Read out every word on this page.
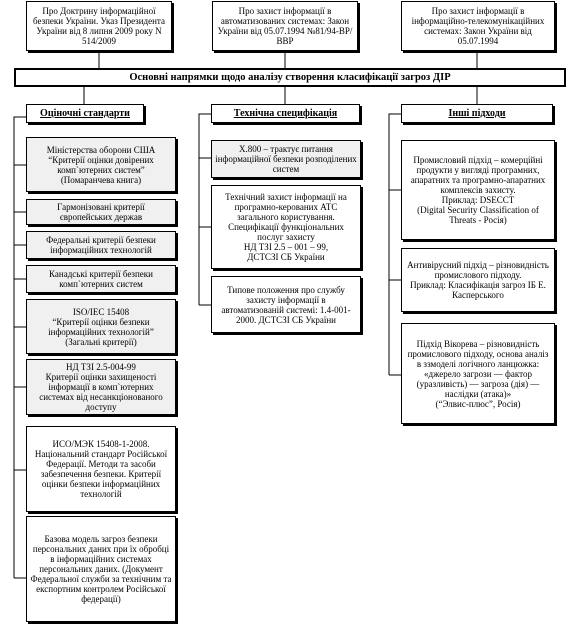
Про Доктрину інформаційної безпеки України. Указ Президента України від 8 липня 2009 року N 514/2009
Про захист інформації в автоматизованих системах: Закон України від 05.07.1994 №81/94-ВР/ВВР
Про захист інформації в інформаційно-телекомунікаційних системах: Закон України від 05.07.1994
Основні напрямки щодо аналізу створення класифікації загроз ДІР
Оціночні стандарти	Технічна специфікація	Інші підходи
Міністерства оборони США
“Критерії оцінки довірених комп`ютерних систем”
(Помаранчева книга)
Гармонізовані критерії європейських держав
Федеральні критерії безпеки інформаційних технологій
Канадські критерії безпеки комп`ютерних систем
ISO/IEC 15408
“Критерії оцінки безпеки інформаційних технологій”
(Загальні критерії)
НД ТЗІ 2.5-004-99
Критерії оцінки захищеності інформації в комп`ютерних системах від несанкціонованого доступу
ИСО/МЭК 15408-1-2008. Національний стандарт Російської Федерації. Методи та засоби забезпечення безпеки. Критерії оцінки безпеки інформаційних технологій
Базова модель загроз безпеки персональних даних при їх обробці в інформаційних системах персональних даних. (Документ Федеральної служби за технічним та експортним контролем Російської федерації)
X.800 – трактує питання інформаційної безпеки розподілених систем
Технічний захист інформації на програмно-керованих АТС загального користування. Специфікації функціональних послуг захисту
НД ТЗІ 2.5 – 001 – 99,
ДСТСЗІ СБ України
Типове положення про службу захисту інформації в автоматизованій системі: 1.4-001-2000. ДСТСЗІ СБ України
Промисловий підхід – комерційні продукти у вигляді програмних, апаратних та програмно-апаратних комплексів захисту.
Приклад: DSECCT
(Digital Security Classification of Threats - Росія)
Антивірусний підхід – різновидність промислового підходу.
Приклад: Класифікація загроз ІБ Е. Касперського
Підхід Вікорева – різновидність промислового підходу, основа аналіз в ззмоделі логічного ланцюжка:
«джерело загрози — фактор (уразливість) — загроза (дія) — наслідки (атака)»
(“Элвис-плюс”, Росія)
